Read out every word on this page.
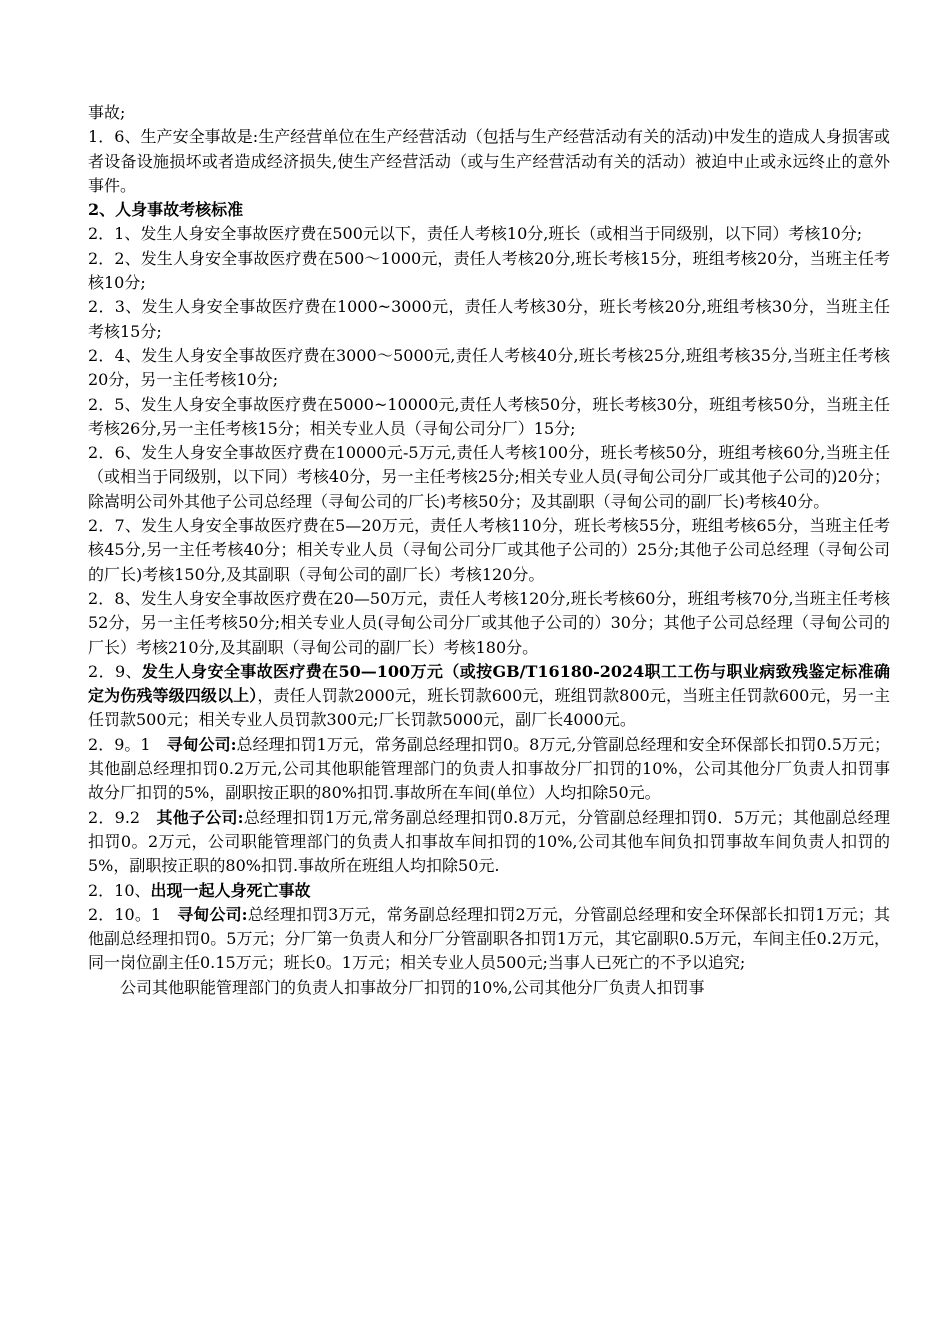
事故;

1．6、生产安全事故是:生产经营单位在生产经营活动（包括与生产经营活动有关的活动)中发生的造成人身损害或者设备设施损坏或者造成经济损失,使生产经营活动（或与生产经营活动有关的活动）被迫中止或永远终止的意外事件。

2、人身事故考核标准

2．1、发生人身安全事故医疗费在500元以下，责任人考核10分,班长（或相当于同级别，以下同）考核10分;

2．2、发生人身安全事故医疗费在500～1000元，责任人考核20分,班长考核15分，班组考核20分，当班主任考核10分;

2．3、发生人身安全事故医疗费在1000~3000元，责任人考核30分，班长考核20分,班组考核30分，当班主任考核15分;

2．4、发生人身安全事故医疗费在3000～5000元,责任人考核40分,班长考核25分,班组考核35分,当班主任考核20分，另一主任考核10分;

2．5、发生人身安全事故医疗费在5000~10000元,责任人考核50分，班长考核30分，班组考核50分，当班主任考核26分,另一主任考核15分；相关专业人员（寻甸公司分厂）15分;

2．6、发生人身安全事故医疗费在10000元-5万元,责任人考核100分，班长考核50分，班组考核60分,当班主任（或相当于同级别，以下同）考核40分，另一主任考核25分;相关专业人员(寻甸公司分厂或其他子公司的)20分；除嵩明公司外其他子公司总经理（寻甸公司的厂长)考核50分；及其副职（寻甸公司的副厂长)考核40分。

2．7、发生人身安全事故医疗费在5—20万元，责任人考核110分，班长考核55分，班组考核65分，当班主任考核45分,另一主任考核40分；相关专业人员（寻甸公司分厂或其他子公司的）25分;其他子公司总经理（寻甸公司的厂长)考核150分,及其副职（寻甸公司的副厂长）考核120分。

2．8、发生人身安全事故医疗费在20—50万元，责任人考核120分,班长考核60分，班组考核70分,当班主任考核52分，另一主任考核50分;相关专业人员(寻甸公司分厂或其他子公司的）30分；其他子公司总经理（寻甸公司的厂长）考核210分,及其副职（寻甸公司的副厂长）考核180分。

2．9、发生人身安全事故医疗费在50—100万元（或按GB/T16180-2024职工工伤与职业病致残鉴定标准确定为伤残等级四级以上），责任人罚款2000元，班长罚款600元，班组罚款800元，当班主任罚款600元，另一主任罚款500元；相关专业人员罚款300元;厂长罚款5000元，副厂长4000元。

2．9。1　寻甸公司:总经理扣罚1万元，常务副总经理扣罚0。8万元,分管副总经理和安全环保部长扣罚0.5万元；其他副总经理扣罚0.2万元,公司其他职能管理部门的负责人扣事故分厂扣罚的10%，公司其他分厂负责人扣罚事故分厂扣罚的5%，副职按正职的80%扣罚.事故所在车间(单位）人均扣除50元。

2．9.2　其他子公司:总经理扣罚1万元,常务副总经理扣罚0.8万元，分管副总经理扣罚0．5万元；其他副总经理扣罚0。2万元，公司职能管理部门的负责人扣事故车间扣罚的10%,公司其他车间负扣罚事故车间负责人扣罚的5%，副职按正职的80%扣罚.事故所在班组人均扣除50元.

2．10、出现一起人身死亡事故

2．10。1　寻甸公司:总经理扣罚3万元，常务副总经理扣罚2万元，分管副总经理和安全环保部长扣罚1万元；其他副总经理扣罚0。5万元；分厂第一负责人和分厂分管副职各扣罚1万元，其它副职0.5万元，车间主任0.2万元，同一岗位副主任0.15万元；班长0。1万元；相关专业人员500元;当事人已死亡的不予以追究;

公司其他职能管理部门的负责人扣事故分厂扣罚的10%,公司其他分厂负责人扣罚事
